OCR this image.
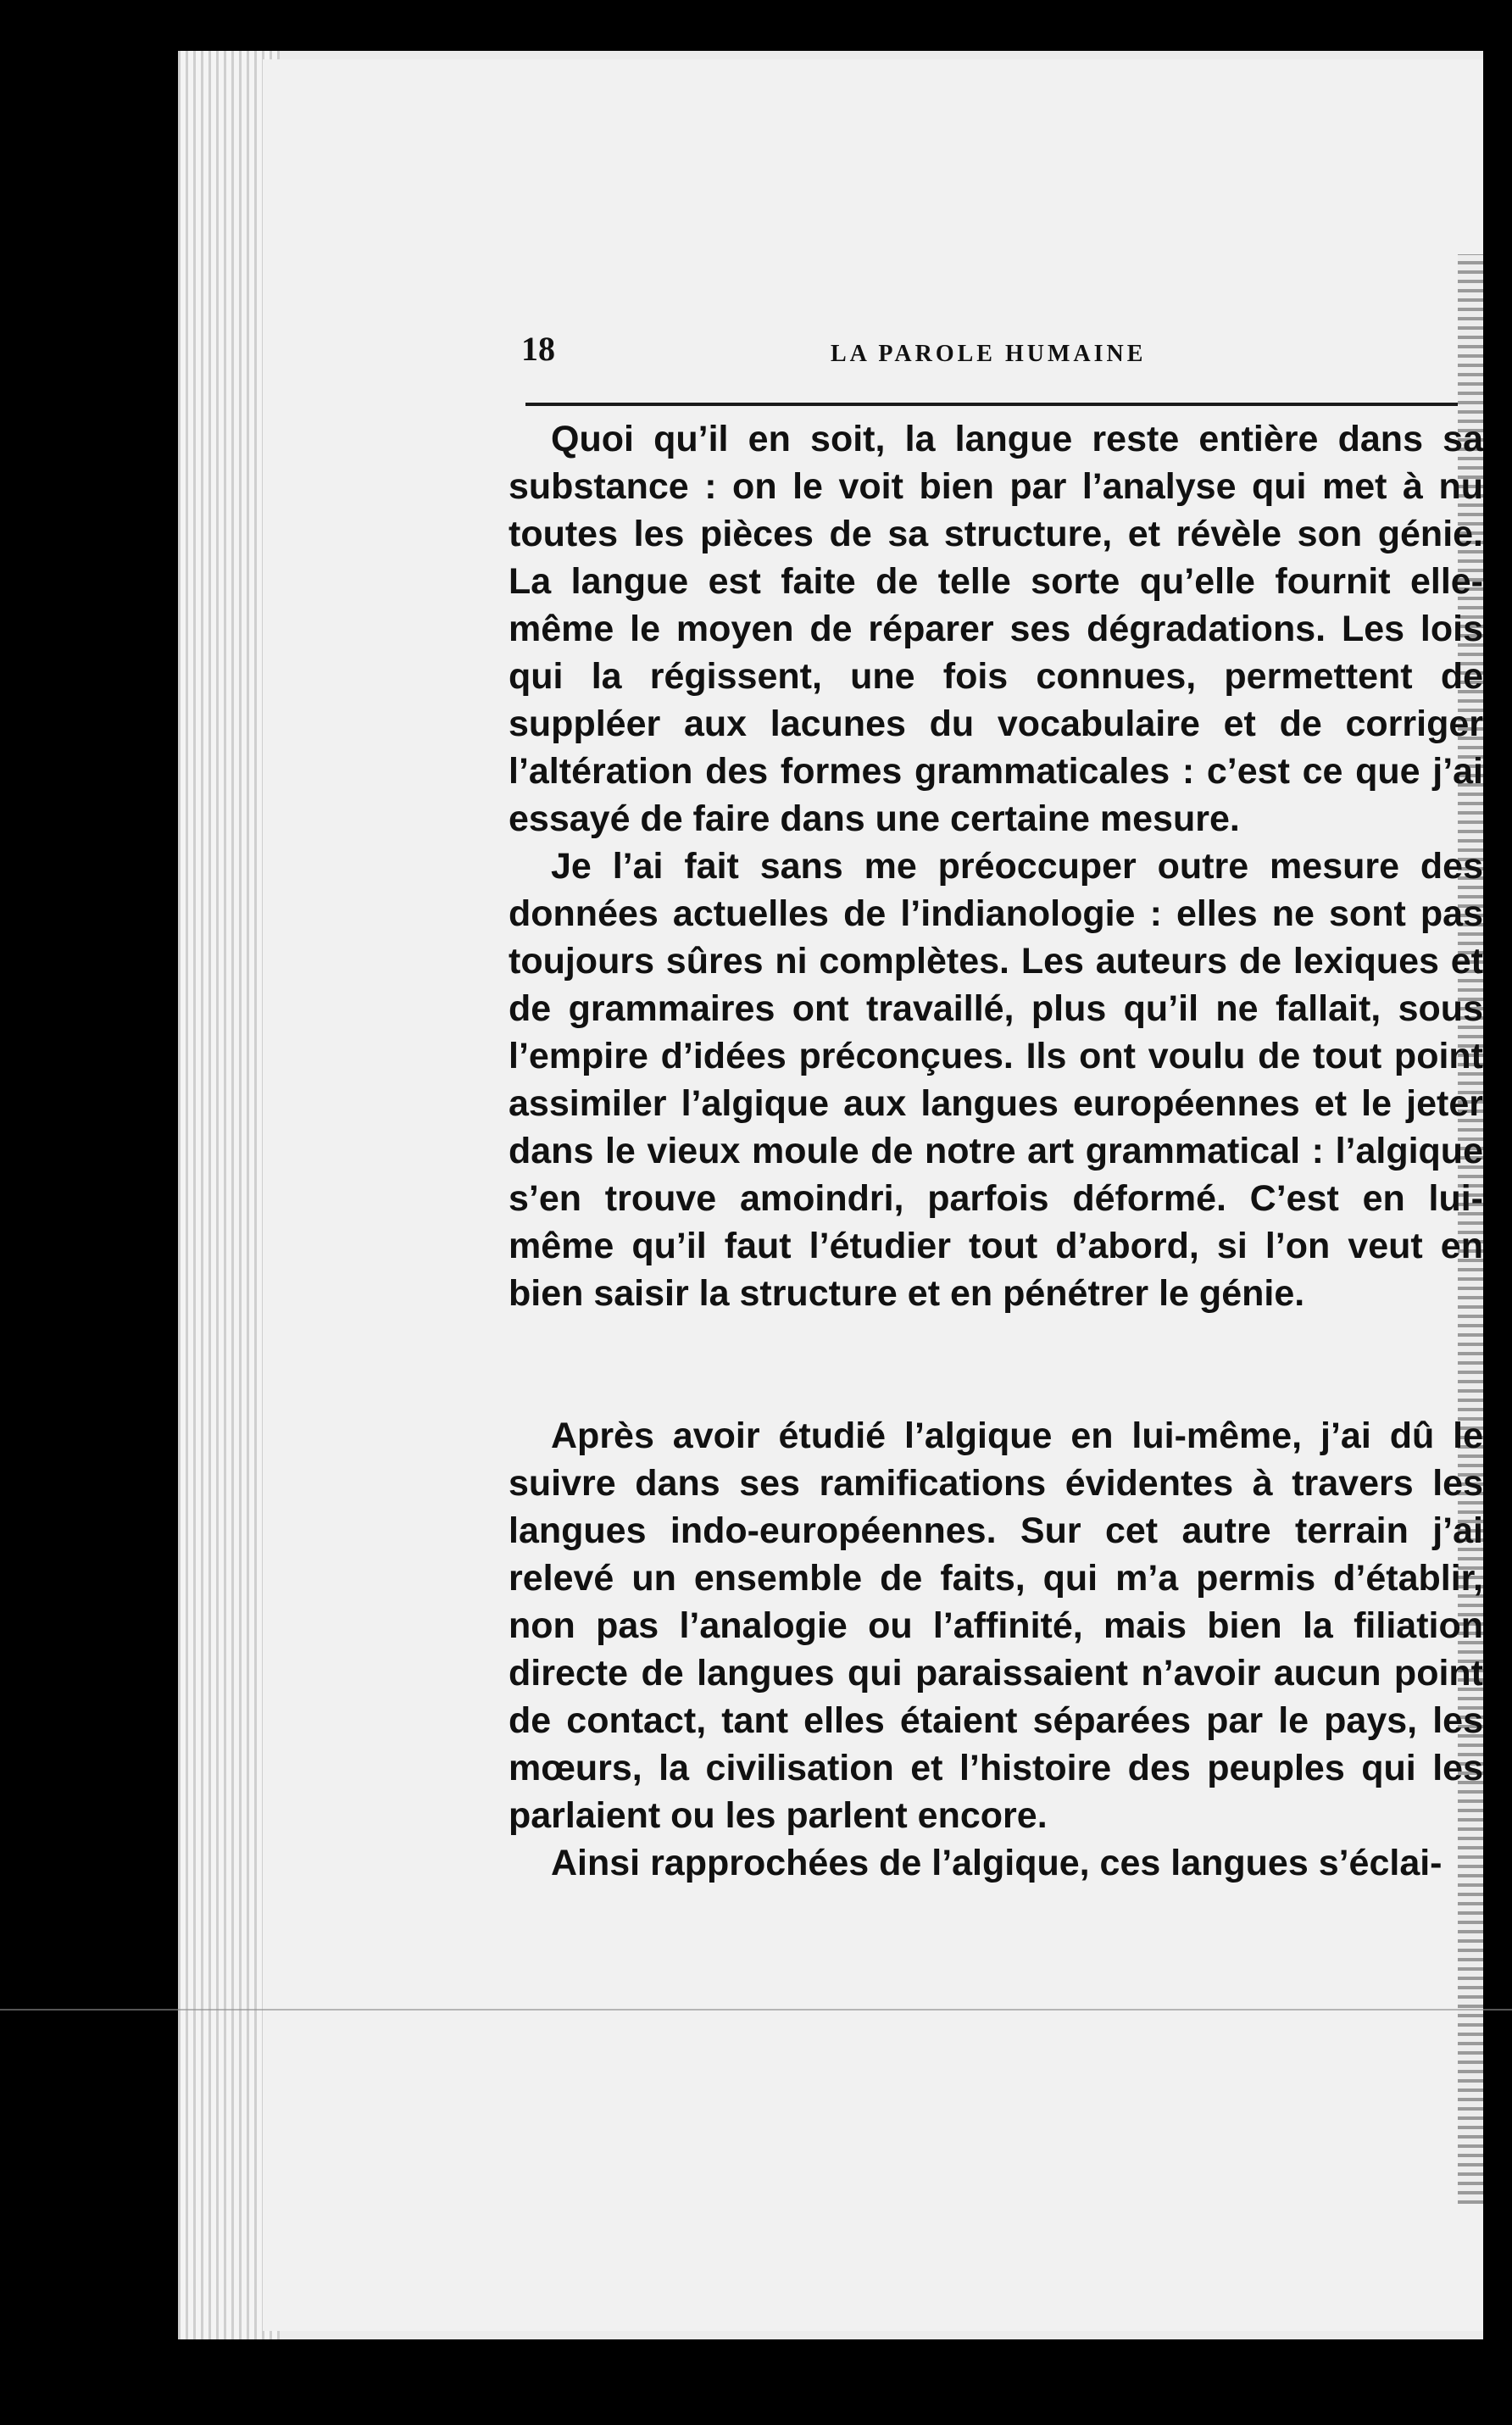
18	LA PAROLE HUMAINE

Quoi qu’il en soit, la langue reste entière dans sa substance : on le voit bien par l’analyse qui met à nu toutes les pièces de sa structure, et révèle son génie. La langue est faite de telle sorte qu’elle fournit elle-même le moyen de réparer ses dégradations. Les lois qui la régissent, une fois connues, permettent de suppléer aux lacunes du vocabulaire et de corriger l’altération des formes grammaticales : c’est ce que j’ai essayé de faire dans une certaine mesure.

Je l’ai fait sans me préoccuper outre mesure des données actuelles de l’indianologie : elles ne sont pas toujours sûres ni complètes. Les auteurs de lexiques et de grammaires ont travaillé, plus qu’il ne fallait, sous l’empire d’idées préconçues. Ils ont voulu de tout point assimiler l’algique aux langues européennes et le jeter dans le vieux moule de notre art grammatical : l’algique s’en trouve amoindri, parfois déformé. C’est en lui-même qu’il faut l’étudier tout d’abord, si l’on veut en bien saisir la structure et en pénétrer le génie.

Après avoir étudié l’algique en lui-même, j’ai dû le suivre dans ses ramifications évidentes à travers les langues indo-européennes. Sur cet autre terrain j’ai relevé un ensemble de faits, qui m’a permis d’établir, non pas l’analogie ou l’affinité, mais bien la filiation directe de langues qui paraissaient n’avoir aucun point de contact, tant elles étaient séparées par le pays, les mœurs, la civilisation et l’histoire des peuples qui les parlaient ou les parlent encore.

Ainsi rapprochées de l’algique, ces langues s’éclai-
